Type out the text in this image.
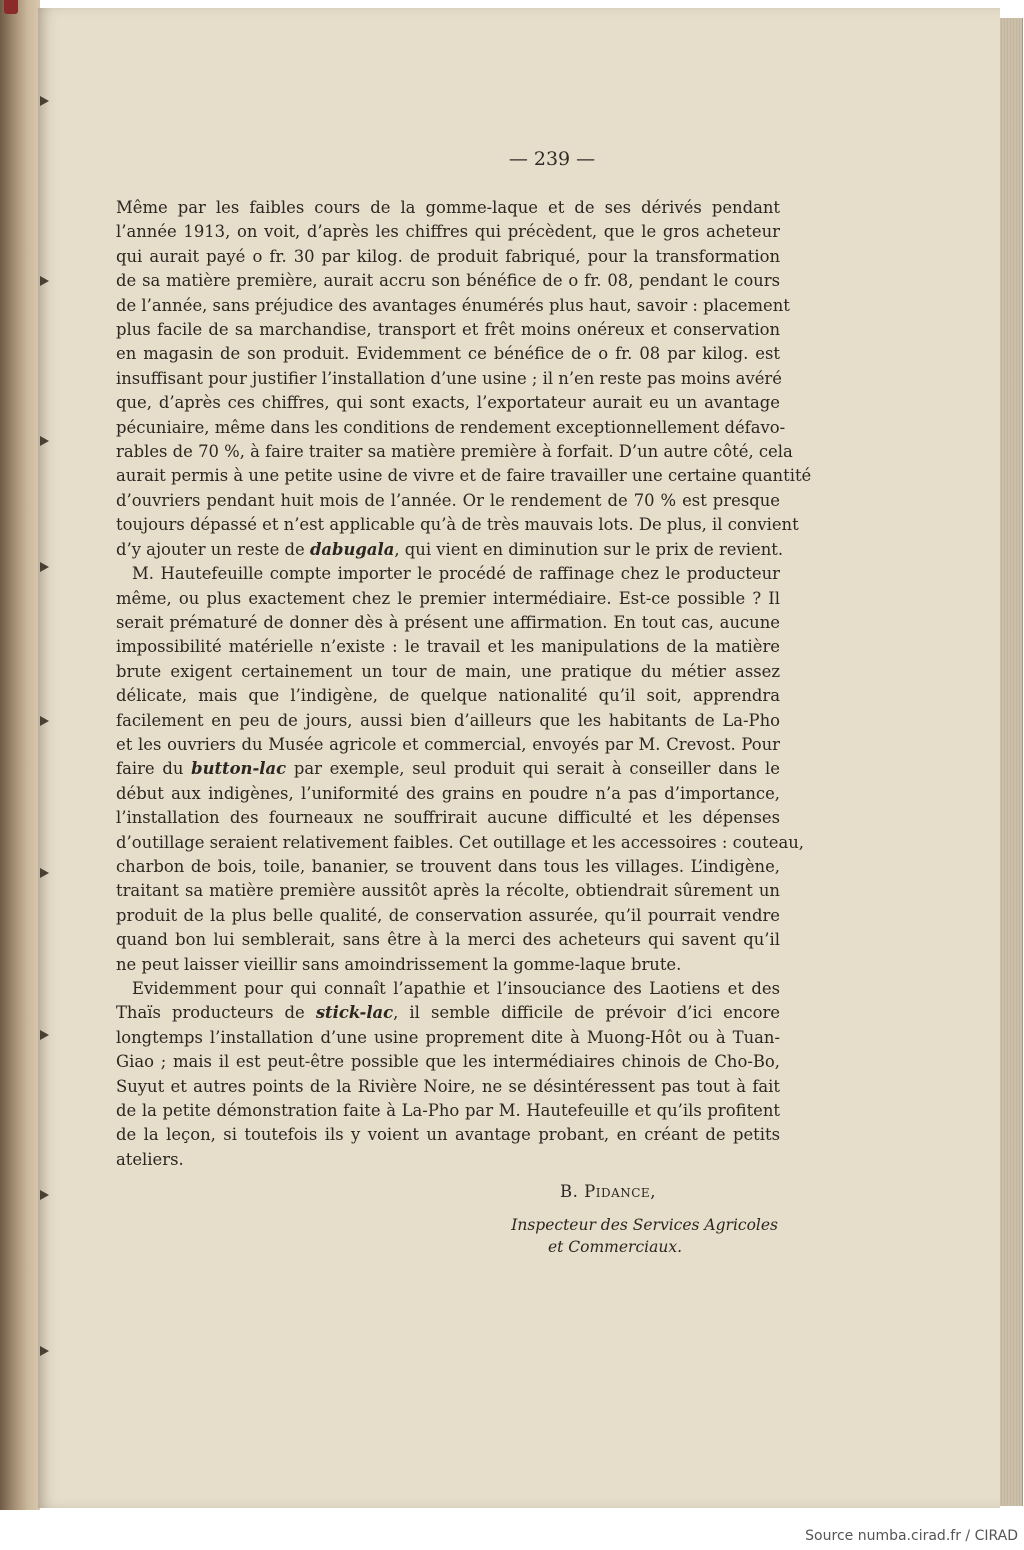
— 239 —
Même par les faibles cours de la gomme-laque et de ses dérivés pendant
l’année 1913, on voit, d’après les chiffres qui précèdent, que le gros acheteur
qui aurait payé o fr. 30 par kilog. de produit fabriqué, pour la transformation
de sa matière première, aurait accru son bénéfice de o fr. 08, pendant le cours
de l’année, sans préjudice des avantages énumérés plus haut, savoir : placement
plus facile de sa marchandise, transport et frêt moins onéreux et conservation
en magasin de son produit. Evidemment ce bénéfice de o fr. 08 par kilog. est
insuffisant pour justifier l’installation d’une usine ; il n’en reste pas moins avéré
que, d’après ces chiffres, qui sont exacts, l’exportateur aurait eu un avantage
pécuniaire, même dans les conditions de rendement exceptionnellement défavo-
rables de 70 %, à faire traiter sa matière première à forfait. D’un autre côté, cela
aurait permis à une petite usine de vivre et de faire travailler une certaine quantité
d’ouvriers pendant huit mois de l’année. Or le rendement de 70 % est presque
toujours dépassé et n’est applicable qu’à de très mauvais lots. De plus, il convient
d’y ajouter un reste de dabugala, qui vient en diminution sur le prix de revient.
M. Hautefeuille compte importer le procédé de raffinage chez le producteur
même, ou plus exactement chez le premier intermédiaire. Est-ce possible ? Il
serait prématuré de donner dès à présent une affirmation. En tout cas, aucune
impossibilité matérielle n’existe : le travail et les manipulations de la matière
brute exigent certainement un tour de main, une pratique du métier assez
délicate, mais que l’indigène, de quelque nationalité qu’il soit, apprendra
facilement en peu de jours, aussi bien d’ailleurs que les habitants de La-Pho
et les ouvriers du Musée agricole et commercial, envoyés par M. Crevost. Pour
faire du button-lac par exemple, seul produit qui serait à conseiller dans le
début aux indigènes, l’uniformité des grains en poudre n’a pas d’importance,
l’installation des fourneaux ne souffrirait aucune difficulté et les dépenses
d’outillage seraient relativement faibles. Cet outillage et les accessoires : couteau,
charbon de bois, toile, bananier, se trouvent dans tous les villages. L’indigène,
traitant sa matière première aussitôt après la récolte, obtiendrait sûrement un
produit de la plus belle qualité, de conservation assurée, qu’il pourrait vendre
quand bon lui semblerait, sans être à la merci des acheteurs qui savent qu’il
ne peut laisser vieillir sans amoindrissement la gomme-laque brute.
Evidemment pour qui connaît l’apathie et l’insouciance des Laotiens et des
Thaïs producteurs de stick-lac, il semble difficile de prévoir d’ici encore
longtemps l’installation d’une usine proprement dite à Muong-Hôt ou à Tuan-
Giao ; mais il est peut-être possible que les intermédiaires chinois de Cho-Bo,
Suyut et autres points de la Rivière Noire, ne se désintéressent pas tout à fait
de la petite démonstration faite à La-Pho par M. Hautefeuille et qu’ils profitent
de la leçon, si toutefois ils y voient un avantage probant, en créant de petits
ateliers.
B. Pidance,
Inspecteur des Services Agricoles
et Commerciaux.
Source numba.cirad.fr / CIRAD
